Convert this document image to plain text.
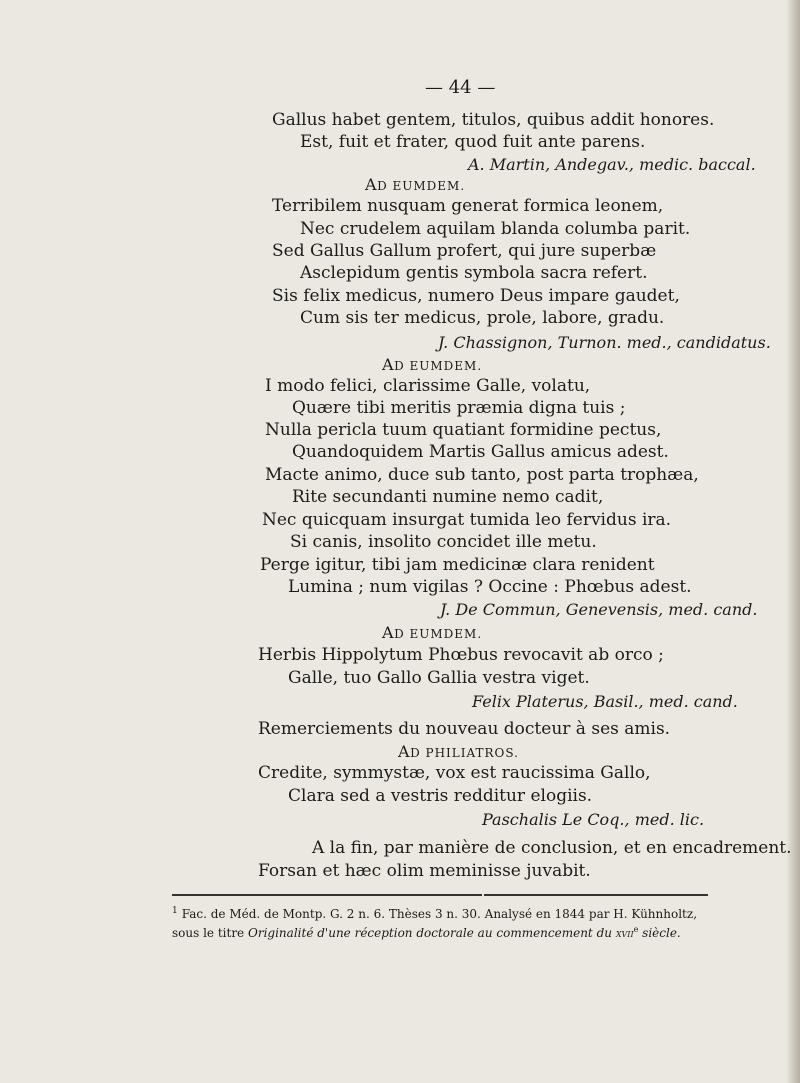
— 44 —
Gallus habet gentem, titulos, quibus addit honores.
Est, fuit et frater, quod fuit ante parens.
A. Martin, Andegav., medic. baccal.
AD EUMDEM.
Terribilem nusquam generat formica leonem,
Nec crudelem aquilam blanda columba parit.
Sed Gallus Gallum profert, qui jure superbæ
Asclepidum gentis symbola sacra refert.
Sis felix medicus, numero Deus impare gaudet,
Cum sis ter medicus, prole, labore, gradu.
J. Chassignon, Turnon. med., candidatus.
AD EUMDEM.
I modo felici, clarissime Galle, volatu,
Quære tibi meritis præmia digna tuis ;
Nulla pericla tuum quatiant formidine pectus,
Quandoquidem Martis Gallus amicus adest.
Macte animo, duce sub tanto, post parta trophæa,
Rite secundanti numine nemo cadit,
Nec quicquam insurgat tumida leo fervidus ira.
Si canis, insolito concidet ille metu.
Perge igitur, tibi jam medicinæ clara renident
Lumina ; num vigilas ? Occine : Phœbus adest.
J. De Commun, Genevensis, med. cand.
AD EUMDEM.
Herbis Hippolytum Phœbus revocavit ab orco ;
Galle, tuo Gallo Gallia vestra viget.
Felix Platerus, Basil., med. cand.
Remerciements du nouveau docteur à ses amis.
AD PHILIATROS.
Credite, symmystæ, vox est raucissima Gallo,
Clara sed a vestris redditur elogiis.
Paschalis Le Coq., med. lic.
A la fin, par manière de conclusion, et en encadrement.
Forsan et hæc olim meminisse juvabit.
$^1$ Fac. de Méd. de Montp. G. 2 n. 6. Thèses 3 n. 30. Analysé en 1844 par H. Kühnholtz,
sous le titre Originalité d'une réception doctorale au commencement du xvii$^e$ siècle.
